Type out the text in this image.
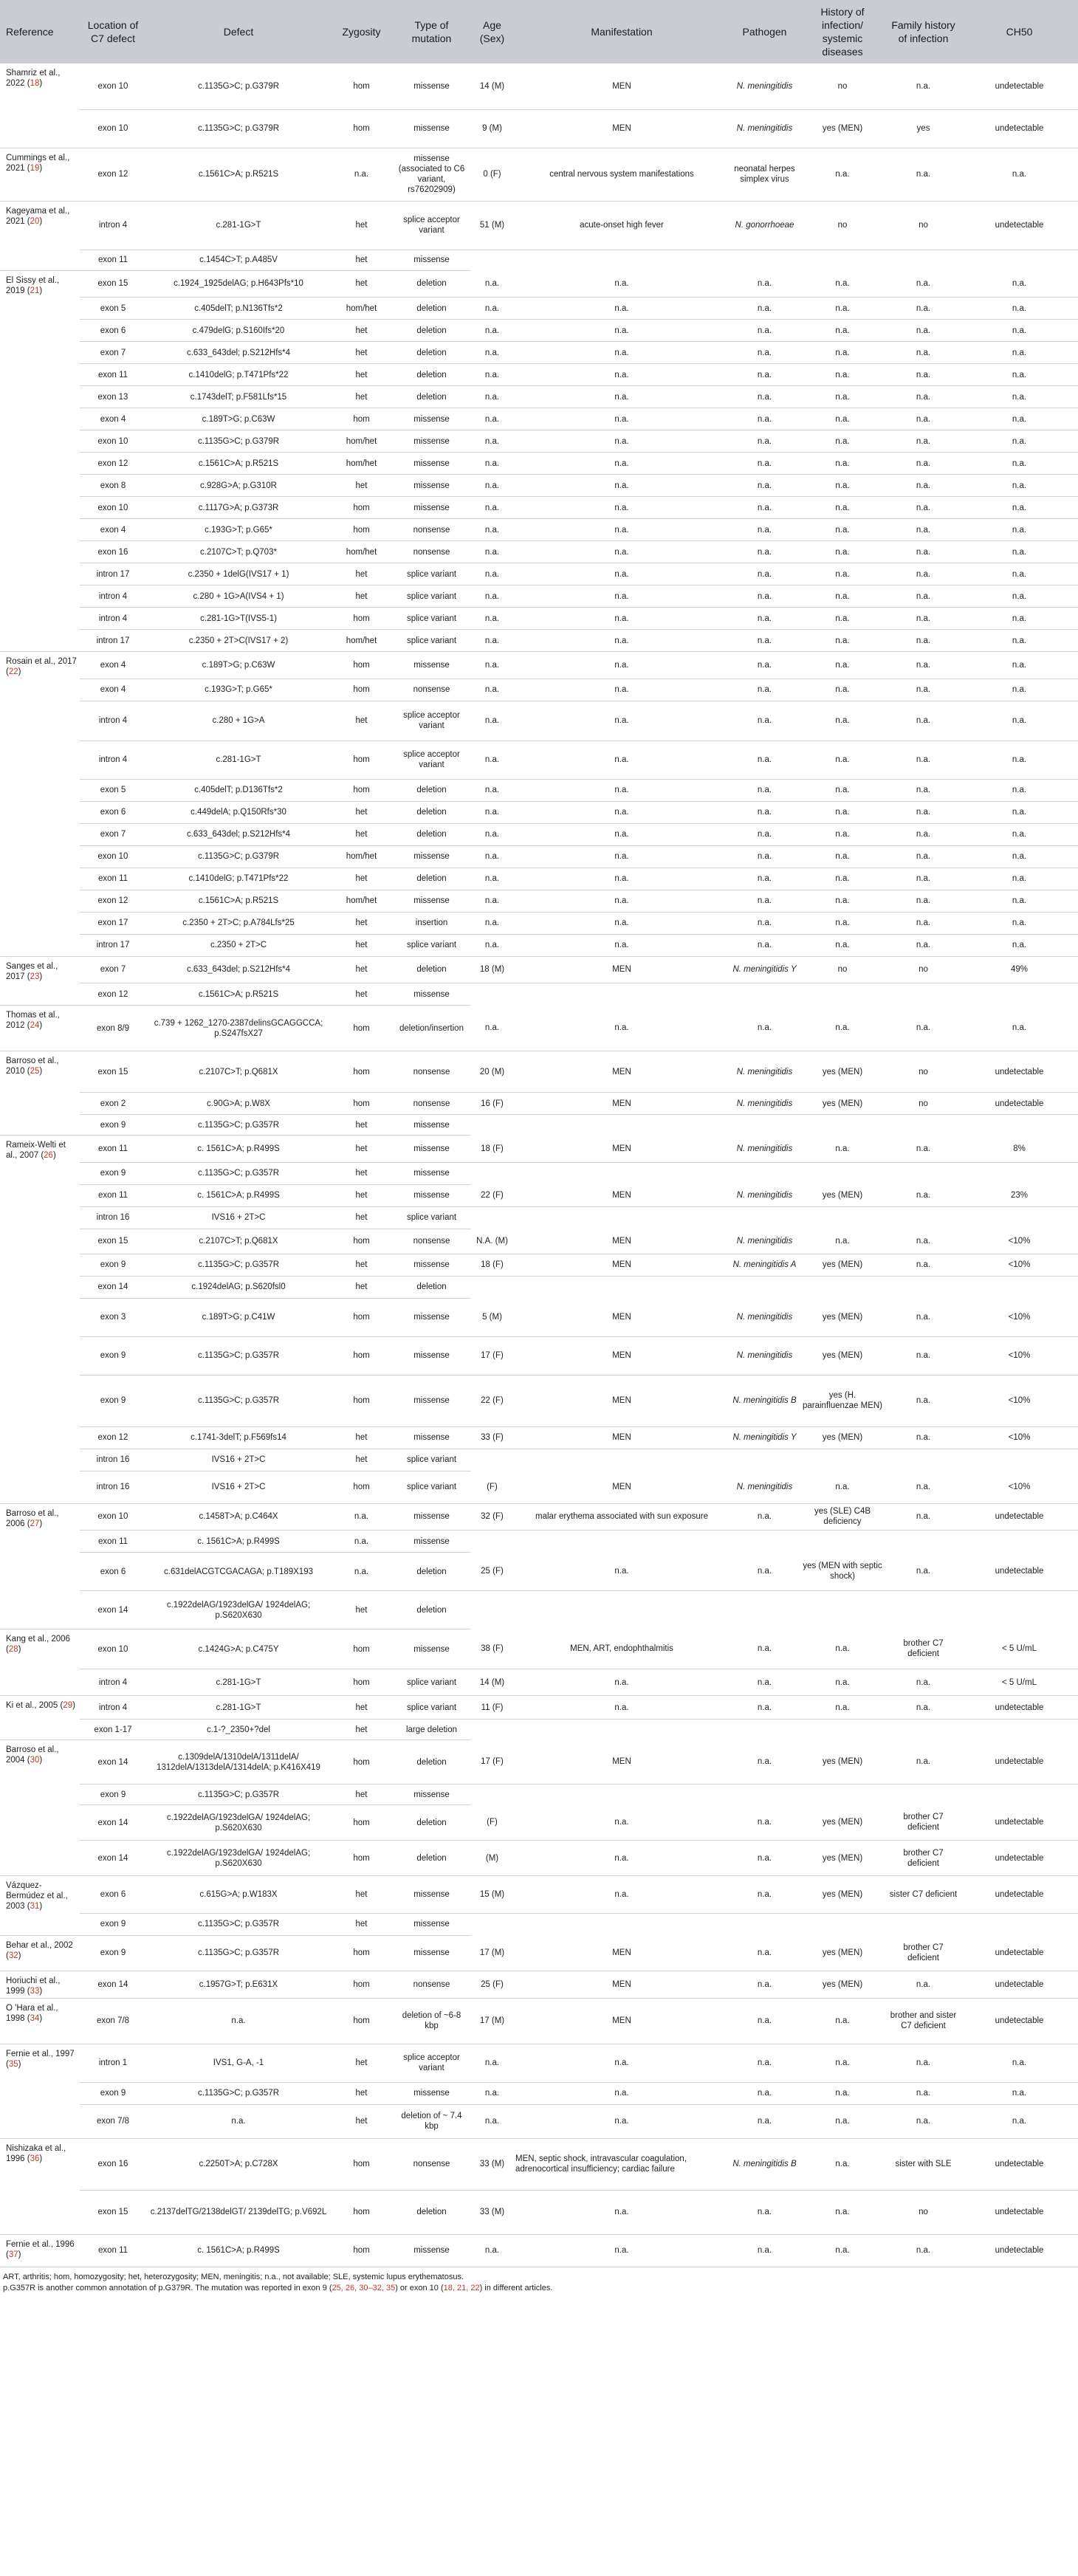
Reference	Location of C7 defect	Defect	Zygosity	Type of mutation	Age (Sex)	Manifestation	Pathogen	History of infection/ systemic diseases	Family history of infection	CH50
Shamriz et al., 2022 (18)	exon 10	c.1135G>C; p.G379R	hom	missense	14 (M)	MEN	N. meningitidis	no	n.a.	undetectable
	exon 10	c.1135G>C; p.G379R	hom	missense	9 (M)	MEN	N. meningitidis	yes (MEN)	yes	undetectable
Cummings et al., 2021 (19)	exon 12	c.1561C>A; p.R521S	n.a.	missense (associated to C6 variant, rs76202909)	0 (F)	central nervous system manifestations	neonatal herpes simplex virus	n.a.	n.a.	n.a.
Kageyama et al., 2021 (20)	intron 4	c.281-1G>T	het	splice acceptor variant	51 (M)	acute-onset high fever	N. gonorrhoeae	no	no	undetectable
	exon 11	c.1454C>T; p.A485V	het	missense						
El Sissy et al., 2019 (21)	exon 15	c.1924_1925delAG; p.H643Pfs*10	het	deletion	n.a.	n.a.	n.a.	n.a.	n.a.	n.a.
	exon 5	c.405delT; p.N136Tfs*2	hom/het	deletion	n.a.	n.a.	n.a.	n.a.	n.a.	n.a.
	exon 6	c.479delG; p.S160Ifs*20	het	deletion	n.a.	n.a.	n.a.	n.a.	n.a.	n.a.
	exon 7	c.633_643del; p.S212Hfs*4	het	deletion	n.a.	n.a.	n.a.	n.a.	n.a.	n.a.
	exon 11	c.1410delG; p.T471Pfs*22	het	deletion	n.a.	n.a.	n.a.	n.a.	n.a.	n.a.
	exon 13	c.1743delT; p.F581Lfs*15	het	deletion	n.a.	n.a.	n.a.	n.a.	n.a.	n.a.
	exon 4	c.189T>G; p.C63W	hom	missense	n.a.	n.a.	n.a.	n.a.	n.a.	n.a.
	exon 10	c.1135G>C; p.G379R	hom/het	missense	n.a.	n.a.	n.a.	n.a.	n.a.	n.a.
	exon 12	c.1561C>A; p.R521S	hom/het	missense	n.a.	n.a.	n.a.	n.a.	n.a.	n.a.
	exon 8	c.928G>A; p.G310R	het	missense	n.a.	n.a.	n.a.	n.a.	n.a.	n.a.
	exon 10	c.1117G>A; p.G373R	hom	missense	n.a.	n.a.	n.a.	n.a.	n.a.	n.a.
	exon 4	c.193G>T; p.G65*	hom	nonsense	n.a.	n.a.	n.a.	n.a.	n.a.	n.a.
	exon 16	c.2107C>T; p.Q703*	hom/het	nonsense	n.a.	n.a.	n.a.	n.a.	n.a.	n.a.
	intron 17	c.2350 + 1delG(IVS17 + 1)	het	splice variant	n.a.	n.a.	n.a.	n.a.	n.a.	n.a.
	intron 4	c.280 + 1G>A(IVS4 + 1)	het	splice variant	n.a.	n.a.	n.a.	n.a.	n.a.	n.a.
	intron 4	c.281-1G>T(IVS5-1)	hom	splice variant	n.a.	n.a.	n.a.	n.a.	n.a.	n.a.
	intron 17	c.2350 + 2T>C(IVS17 + 2)	hom/het	splice variant	n.a.	n.a.	n.a.	n.a.	n.a.	n.a.
Rosain et al., 2017 (22)	exon 4	c.189T>G; p.C63W	hom	missense	n.a.	n.a.	n.a.	n.a.	n.a.	n.a.
	exon 4	c.193G>T; p.G65*	hom	nonsense	n.a.	n.a.	n.a.	n.a.	n.a.	n.a.
	intron 4	c.280 + 1G>A	het	splice acceptor variant	n.a.	n.a.	n.a.	n.a.	n.a.	n.a.
	intron 4	c.281-1G>T	hom	splice acceptor variant	n.a.	n.a.	n.a.	n.a.	n.a.	n.a.
	exon 5	c.405delT; p.D136Tfs*2	hom	deletion	n.a.	n.a.	n.a.	n.a.	n.a.	n.a.
	exon 6	c.449delA; p.Q150Rfs*30	het	deletion	n.a.	n.a.	n.a.	n.a.	n.a.	n.a.
	exon 7	c.633_643del; p.S212Hfs*4	het	deletion	n.a.	n.a.	n.a.	n.a.	n.a.	n.a.
	exon 10	c.1135G>C; p.G379R	hom/het	missense	n.a.	n.a.	n.a.	n.a.	n.a.	n.a.
	exon 11	c.1410delG; p.T471Pfs*22	het	deletion	n.a.	n.a.	n.a.	n.a.	n.a.	n.a.
	exon 12	c.1561C>A; p.R521S	hom/het	missense	n.a.	n.a.	n.a.	n.a.	n.a.	n.a.
	exon 17	c.2350 + 2T>C; p.A784Lfs*25	het	insertion	n.a.	n.a.	n.a.	n.a.	n.a.	n.a.
	intron 17	c.2350 + 2T>C	het	splice variant	n.a.	n.a.	n.a.	n.a.	n.a.	n.a.
Sanges et al., 2017 (23)	exon 7	c.633_643del; p.S212Hfs*4	het	deletion	18 (M)	MEN	N. meningitidis Y	no	no	49%
	exon 12	c.1561C>A; p.R521S	het	missense						
Thomas et al., 2012 (24)	exon 8/9	c.739 + 1262_1270-2387delinsGCAGGCCA; p.S247fsX27	hom	deletion/insertion	n.a.	n.a.	n.a.	n.a.	n.a.	n.a.
Barroso et al., 2010 (25)	exon 15	c.2107C>T; p.Q681X	hom	nonsense	20 (M)	MEN	N. meningitidis	yes (MEN)	no	undetectable
	exon 2	c.90G>A; p.W8X	hom	nonsense	16 (F)	MEN	N. meningitidis	yes (MEN)	no	undetectable
	exon 9	c.1135G>C; p.G357R	het	missense						
Rameix-Welti et al., 2007 (26)	exon 11	c. 1561C>A; p.R499S	het	missense	18 (F)	MEN	N. meningitidis	n.a.	n.a.	8%
	exon 9	c.1135G>C; p.G357R	het	missense						
	exon 11	c. 1561C>A; p.R499S	het	missense	22 (F)	MEN	N. meningitidis	yes (MEN)	n.a.	23%
	intron 16	IVS16 + 2T>C	het	splice variant						
	exon 15	c.2107C>T; p.Q681X	hom	nonsense	N.A. (M)	MEN	N. meningitidis	n.a.	n.a.	<10%
	exon 9	c.1135G>C; p.G357R	het	missense	18 (F)	MEN	N. meningitidis A	yes (MEN)	n.a.	<10%
	exon 14	c.1924delAG; p.S620fsl0	het	deletion						
	exon 3	c.189T>G; p.C41W	hom	missense	5 (M)	MEN	N. meningitidis	yes (MEN)	n.a.	<10%
	exon 9	c.1135G>C; p.G357R	hom	missense	17 (F)	MEN	N. meningitidis	yes (MEN)	n.a.	<10%
	exon 9	c.1135G>C; p.G357R	hom	missense	22 (F)	MEN	N. meningitidis B	yes (H. parainfluenzae MEN)	n.a.	<10%
	exon 12	c.1741-3delT; p.F569fs14	het	missense	33 (F)	MEN	N. meningitidis Y	yes (MEN)	n.a.	<10%
	intron 16	IVS16 + 2T>C	het	splice variant						
	intron 16	IVS16 + 2T>C	hom	splice variant	(F)	MEN	N. meningitidis	n.a.	n.a.	<10%
Barroso et al., 2006 (27)	exon 10	c.1458T>A; p.C464X	n.a.	missense	32 (F)	malar erythema associated with sun exposure	n.a.	yes (SLE) C4B deficiency	n.a.	undetectable
	exon 11	c. 1561C>A; p.R499S	n.a.	missense						
	exon 6	c.631delACGTCGACAGA; p.T189X193	n.a.	deletion	25 (F)	n.a.	n.a.	yes (MEN with septic shock)	n.a.	undetectable
	exon 14	c.1922delAG/1923delGA/ 1924delAG; p.S620X630	het	deletion						
Kang et al., 2006 (28)	exon 10	c.1424G>A; p.C475Y	hom	missense	38 (F)	MEN, ART, endophthalmitis	n.a.	n.a.	brother C7 deficient	< 5 U/mL
	intron 4	c.281-1G>T	hom	splice variant	14 (M)	n.a.	n.a.	n.a.	n.a.	< 5 U/mL
Ki et al., 2005 (29)	intron 4	c.281-1G>T	het	splice variant	11 (F)	n.a.	n.a.	n.a.	n.a.	undetectable
	exon 1-17	c.1-?_2350+?del	het	large deletion						
Barroso et al., 2004 (30)	exon 14	c.1309delA/1310delA/1311delA/ 1312delA/1313delA/1314delA; p.K416X419	hom	deletion	17 (F)	MEN	n.a.	yes (MEN)	n.a.	undetectable
	exon 9	c.1135G>C; p.G357R	het	missense						
	exon 14	c.1922delAG/1923delGA/ 1924delAG; p.S620X630	hom	deletion	(F)	n.a.	n.a.	yes (MEN)	brother C7 deficient	undetectable
	exon 14	c.1922delAG/1923delGA/ 1924delAG; p.S620X630	hom	deletion	(M)	n.a.	n.a.	yes (MEN)	brother C7 deficient	undetectable
Vázquez-Bermúdez et al., 2003 (31)	exon 6	c.615G>A; p.W183X	het	missense	15 (M)	n.a.	n.a.	yes (MEN)	sister C7 deficient	undetectable
	exon 9	c.1135G>C; p.G357R	het	missense						
Behar et al., 2002 (32)	exon 9	c.1135G>C; p.G357R	hom	missense	17 (M)	MEN	n.a.	yes (MEN)	brother C7 deficient	undetectable
Horiuchi et al., 1999 (33)	exon 14	c.1957G>T; p.E631X	hom	nonsense	25 (F)	MEN	n.a.	yes (MEN)	n.a.	undetectable
O 'Hara et al., 1998 (34)	exon 7/8	n.a.	hom	deletion of ~6-8 kbp	17 (M)	MEN	n.a.	n.a.	brother and sister C7 deficient	undetectable
Fernie et al., 1997 (35)	intron 1	IVS1, G-A, -1	het	splice acceptor variant	n.a.	n.a.	n.a.	n.a.	n.a.	n.a.
	exon 9	c.1135G>C; p.G357R	het	missense	n.a.	n.a.	n.a.	n.a.	n.a.	n.a.
	exon 7/8	n.a.	het	deletion of ~ 7.4 kbp	n.a.	n.a.	n.a.	n.a.	n.a.	n.a.
Nishizaka et al., 1996 (36)	exon 16	c.2250T>A; p.C728X	hom	nonsense	33 (M)	MEN, septic shock, intravascular coagulation, adrenocortical insufficiency; cardiac failure	N. meningitidis B	n.a.	sister with SLE	undetectable
	exon 15	c.2137delTG/2138delGT/ 2139delTG; p.V692L	hom	deletion	33 (M)	n.a.	n.a.	n.a.	no	undetectable
Fernie et al., 1996 (37)	exon 11	c. 1561C>A; p.R499S	hom	missense	n.a.	n.a.	n.a.	n.a.	n.a.	undetectable
ART, arthritis; hom, homozygosity; het, heterozygosity; MEN, meningitis; n.a., not available; SLE, systemic lupus erythematosus.
p.G357R is another common annotation of p.G379R. The mutation was reported in exon 9 (25, 26, 30–32, 35) or exon 10 (18, 21, 22) in different articles.
